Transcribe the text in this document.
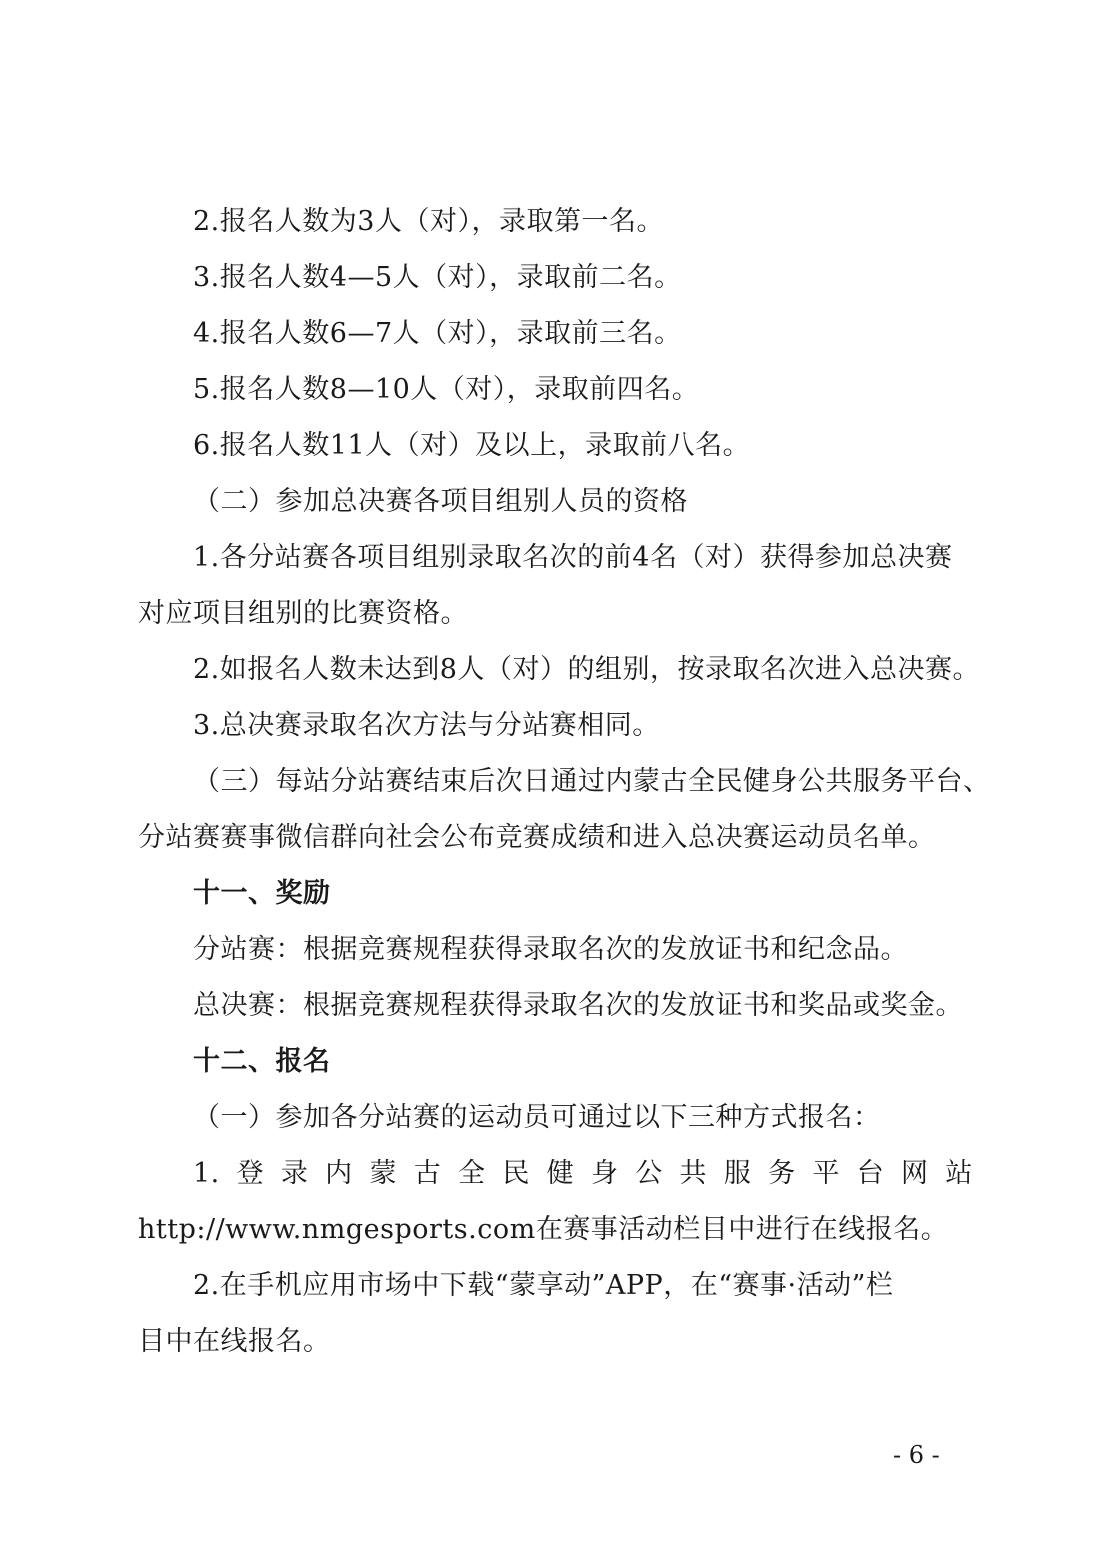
2.报名人数为3人（对），录取第一名。
3.报名人数4—5人（对），录取前二名。
4.报名人数6—7人（对），录取前三名。
5.报名人数8—10人（对），录取前四名。
6.报名人数11人（对）及以上，录取前八名。
（二）参加总决赛各项目组别人员的资格
1.各分站赛各项目组别录取名次的前4名（对）获得参加总决赛
对应项目组别的比赛资格。
2.如报名人数未达到8人（对）的组别，按录取名次进入总决赛。
3.总决赛录取名次方法与分站赛相同。
（三）每站分站赛结束后次日通过内蒙古全民健身公共服务平台、
分站赛赛事微信群向社会公布竞赛成绩和进入总决赛运动员名单。
十一、奖励
分站赛：根据竞赛规程获得录取名次的发放证书和纪念品。
总决赛：根据竞赛规程获得录取名次的发放证书和奖品或奖金。
十二、报名
（一）参加各分站赛的运动员可通过以下三种方式报名：
1. 登 录 内 蒙 古 全 民 健 身 公 共 服 务 平 台 网 站
http://www.nmgesports.com在赛事活动栏目中进行在线报名。
2.在手机应用市场中下载“蒙享动”APP，在“赛事·活动”栏
目中在线报名。
- 6 -
